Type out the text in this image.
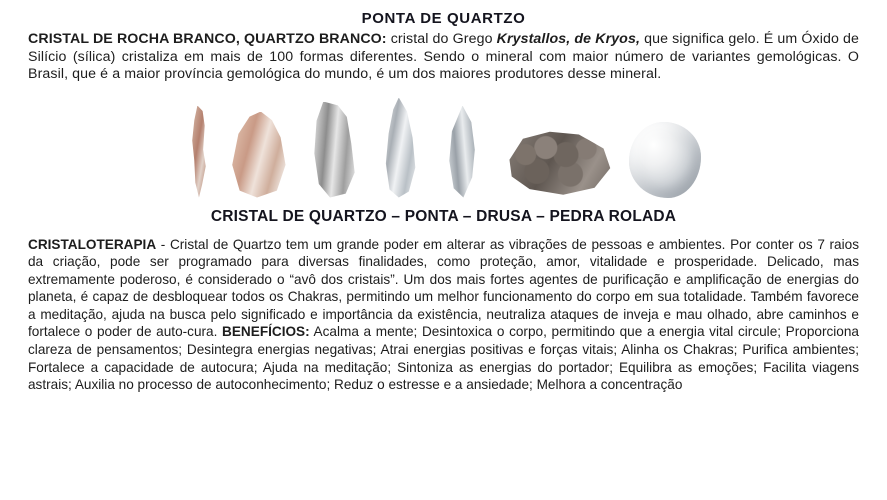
PONTA DE QUARTZO

CRISTAL DE ROCHA BRANCO, QUARTZO BRANCO: cristal do Grego Krystallos, de Kryos, que significa gelo. É um Óxido de Silício (sílica) cristaliza em mais de 100 formas diferentes. Sendo o mineral com maior número de variantes gemológicas. O Brasil, que é a maior província gemológica do mundo, é um dos maiores produtores desse mineral.

CRISTAL DE QUARTZO – PONTA – DRUSA – PEDRA ROLADA

CRISTALOTERAPIA - Cristal de Quartzo tem um grande poder em alterar as vibrações de pessoas e ambientes. Por conter os 7 raios da criação, pode ser programado para diversas finalidades, como proteção, amor, vitalidade e prosperidade. Delicado, mas extremamente poderoso, é considerado o “avô dos cristais”. Um dos mais fortes agentes de purificação e amplificação de energias do planeta, é capaz de desbloquear todos os Chakras, permitindo um melhor funcionamento do corpo em sua totalidade. Também favorece a meditação, ajuda na busca pelo significado e importância da existência, neutraliza ataques de inveja e mau olhado, abre caminhos e fortalece o poder de auto-cura. BENEFÍCIOS: Acalma a mente; Desintoxica o corpo, permitindo que a energia vital circule; Proporciona clareza de pensamentos; Desintegra energias negativas; Atrai energias positivas e forças vitais; Alinha os Chakras; Purifica ambientes; Fortalece a capacidade de autocura; Ajuda na meditação; Sintoniza as energias do portador; Equilibra as emoções; Facilita viagens astrais; Auxilia no processo de autoconhecimento; Reduz o estresse e a ansiedade; Melhora a concentração
